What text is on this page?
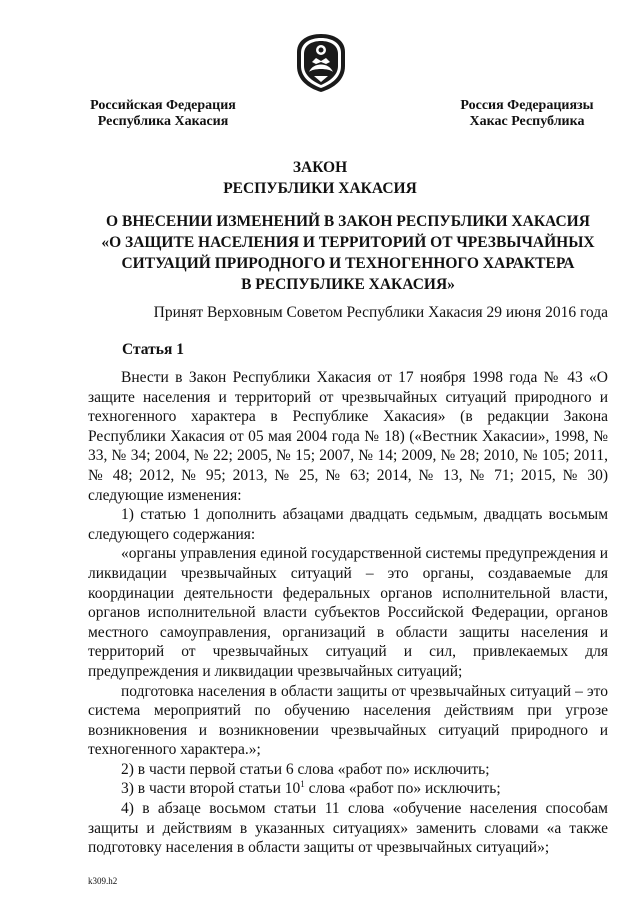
Российская Федерация
Республика Хакасия
Россия Федерациязы
Хакас Республика
ЗАКОН
РЕСПУБЛИКИ ХАКАСИЯ
О ВНЕСЕНИИ ИЗМЕНЕНИЙ В ЗАКОН РЕСПУБЛИКИ ХАКАСИЯ
«О ЗАЩИТЕ НАСЕЛЕНИЯ И ТЕРРИТОРИЙ ОТ ЧРЕЗВЫЧАЙНЫХ
СИТУАЦИЙ ПРИРОДНОГО И ТЕХНОГЕННОГО ХАРАКТЕРА
В РЕСПУБЛИКЕ ХАКАСИЯ»
Принят Верховным Советом Республики Хакасия 29 июня 2016 года
Статья 1

Внести в Закон Республики Хакасия от 17 ноября 1998 года № 43 «О защите населения и территорий от чрезвычайных ситуаций природного и техногенного характера в Республике Хакасия» (в редакции Закона Республики Хакасия от 05 мая 2004 года № 18) («Вестник Хакасии», 1998, № 33, № 34; 2004, № 22; 2005, № 15; 2007, № 14; 2009, № 28; 2010, № 105; 2011, № 48; 2012, № 95; 2013, № 25, № 63; 2014, № 13, № 71; 2015, № 30) следующие изменения:

1) статью 1 дополнить абзацами двадцать седьмым, двадцать восьмым следующего содержания:

«органы управления единой государственной системы предупреждения и ликвидации чрезвычайных ситуаций – это органы, создаваемые для координации деятельности федеральных органов исполнительной власти, органов исполнительной власти субъектов Российской Федерации, органов местного самоуправления, организаций в области защиты населения и территорий от чрезвычайных ситуаций и сил, привлекаемых для предупреждения и ликвидации чрезвычайных ситуаций;

подготовка населения в области защиты от чрезвычайных ситуаций – это система мероприятий по обучению населения действиям при угрозе возникновения и возникновении чрезвычайных ситуаций природного и техногенного характера.»;

2) в части первой статьи 6 слова «работ по» исключить;

3) в части второй статьи $10^1$ слова «работ по» исключить;

4) в абзаце восьмом статьи 11 слова «обучение населения способам защиты и действиям в указанных ситуациях» заменить словами «а также подготовку населения в области защиты от чрезвычайных ситуаций»;

k309.h2
